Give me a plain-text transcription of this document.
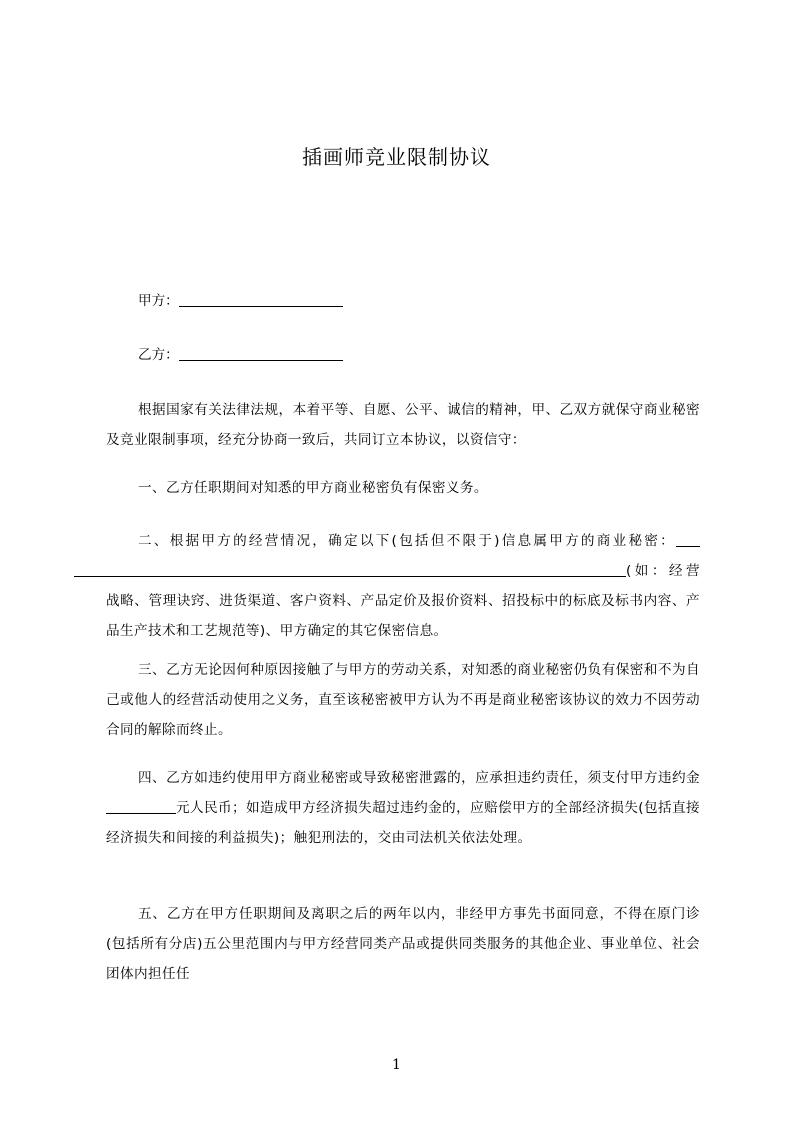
插画师竞业限制协议
甲方：
乙方：
根据国家有关法律法规，本着平等、自愿、公平、诚信的精神，甲、乙双方就保守商业秘密及竞业限制事项，经充分协商一致后，共同订立本协议，以资信守：
一、乙方任职期间对知悉的甲方商业秘密负有保密义务。
二、根据甲方的经营情况，确定以下(包括但不限于)信息属甲方的商业秘密：(如：经营战略、管理诀窍、进货渠道、客户资料、产品定价及报价资料、招投标中的标底及标书内容、产品生产技术和工艺规范等)、甲方确定的其它保密信息。
三、乙方无论因何种原因接触了与甲方的劳动关系，对知悉的商业秘密仍负有保密和不为自己或他人的经营活动使用之义务，直至该秘密被甲方认为不再是商业秘密该协议的效力不因劳动合同的解除而终止。
四、乙方如违约使用甲方商业秘密或导致秘密泄露的，应承担违约责任，须支付甲方违约金元人民币；如造成甲方经济损失超过违约金的，应赔偿甲方的全部经济损失(包括直接经济损失和间接的利益损失)；触犯刑法的，交由司法机关依法处理。
五、乙方在甲方任职期间及离职之后的两年以内，非经甲方事先书面同意，不得在原门诊(包括所有分店)五公里范围内与甲方经营同类产品或提供同类服务的其他企业、事业单位、社会团体内担任任
1
